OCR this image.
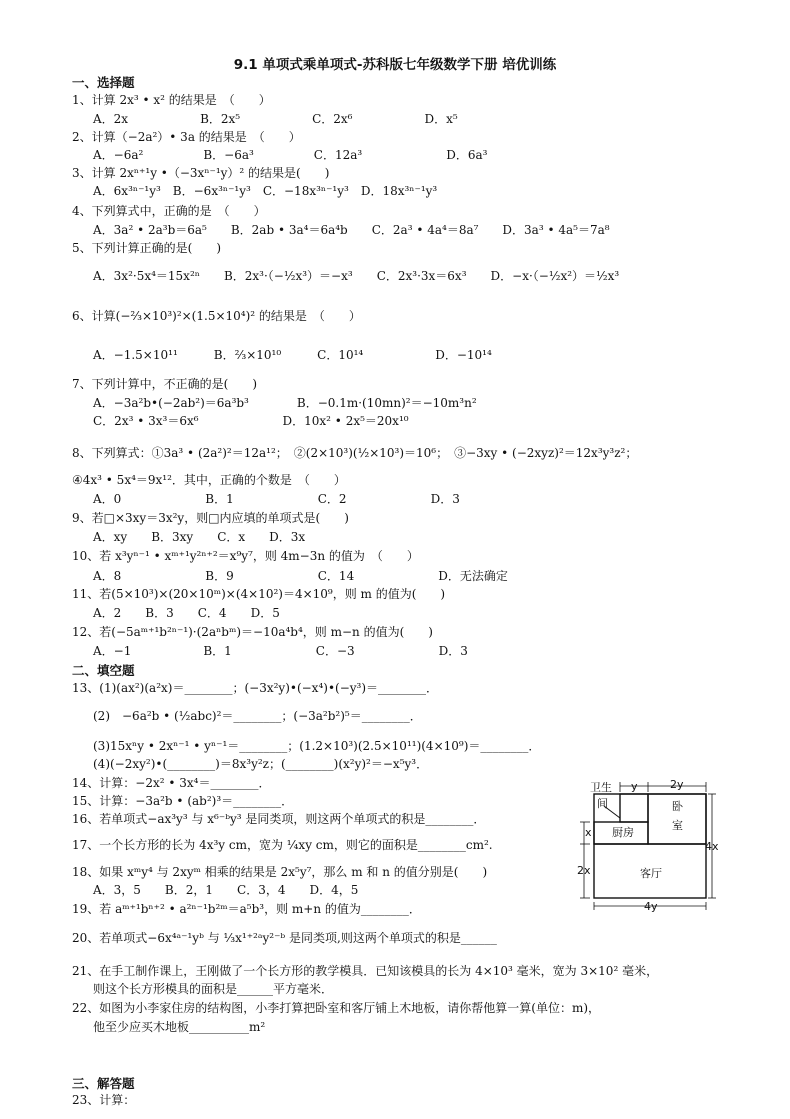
9.1 单项式乘单项式-苏科版七年级数学下册 培优训练
一、选择题
1、计算 2x³ • x² 的结果是　（　　）
A．2x　　　　　　B．2x⁵　　　　　　C．2x⁶　　　　　　D．x⁵
2、计算（−2a²）• 3a 的结果是　（　　）
A．−6a²　　　　　B．−6a³　　　　　C．12a³　　　　　　　D．6a³
3、计算 2xⁿ⁺¹y •（−3xⁿ⁻¹y）² 的结果是(　　)
A．6x³ⁿ⁻¹y³　B．−6x³ⁿ⁻¹y³　C．−18x³ⁿ⁻¹y³　D．18x³ⁿ⁻¹y³
4、下列算式中，正确的是　（　　）
A．3a² • 2a³b＝6a⁵　　B．2ab • 3a⁴＝6a⁴b　　C．2a³ • 4a⁴＝8a⁷　　D．3a³ • 4a⁵＝7a⁸
5、下列计算正确的是(　　)
A．3x²·5x⁴＝15x²ⁿ　　B．2x³·（−½x³）＝−x³　　C．2x³·3x＝6x³　　D．−x·（−½x²）＝½x³
6、计算(−⅔×10³)²×(1.5×10⁴)² 的结果是　（　　）
A．−1.5×10¹¹　　　B．⅔×10¹⁰　　　C．10¹⁴　　　　　　D．−10¹⁴
7、下列计算中，不正确的是(　　)
A．−3a²b•(−2ab²)＝6a³b³　　　　B．−0.1m·(10mn)²＝−10m³n²
C．2x³ • 3x³＝6x⁶　　　　　　　D．10x² • 2x⁵＝20x¹⁰
8、下列算式：①3a³ • (2a²)²＝12a¹²；　②(2×10³)(½×10³)＝10⁶；　③−3xy • (−2xyz)²＝12x³y³z²；
④4x³ • 5x⁴＝9x¹²．其中，正确的个数是　（　　）
A．0　　　　　　　B．1　　　　　　　C．2　　　　　　　D．3
9、若□×3xy＝3x²y，则□内应填的单项式是(　　)
A．xy　　B．3xy　　C．x　　D．3x
10、若 x³yⁿ⁻¹ • xᵐ⁺¹y²ⁿ⁺²＝x⁹y⁷，则 4m−3n 的值为　（　　）
A．8　　　　　　　B．9　　　　　　　C．14　　　　　　　D．无法确定
11、若(5×10³)×(20×10ᵐ)×(4×10²)＝4×10⁹，则 m 的值为(　　)
A．2　　B．3　　C．4　　D．5
12、若(−5aᵐ⁺¹b²ⁿ⁻¹)·(2aⁿbᵐ)＝−10a⁴b⁴，则 m−n 的值为(　　)
A．−1　　　　　　B．1　　　　　　　C．−3　　　　　　　D．3
二、填空题
13、(1)(ax²)(a²x)＝________；(−3x²y)•(−x⁴)•(−y³)＝________．
(2)　−6a²b • (½abc)²＝________；(−3a²b²)⁵＝________．
(3)15xⁿy • 2xⁿ⁻¹ • yⁿ⁻¹＝________；(1.2×10³)(2.5×10¹¹)(4×10⁹)＝________．
(4)(−2xy²)•(________)＝8x³y²z；(________)(x²y)²＝−x⁵y³．
14、计算：−2x² • 3x⁴＝________．
15、计算：−3a²b • (ab²)³＝________．
16、若单项式−ax³y³ 与 x⁶⁻ᵇy³ 是同类项，则这两个单项式的积是________．
17、一个长方形的长为 4x³y cm，宽为 ¼xy cm，则它的面积是________cm².
18、如果 xᵐy⁴ 与 2xyᵐ 相乘的结果是 2x⁵y⁷，那么 m 和 n 的值分别是(　　)
A．3，5　　B．2，1　　C．3，4　　D．4，5
19、若 aᵐ⁺¹bⁿ⁺² • a²ⁿ⁻¹b²ᵐ＝a⁵b³，则 m+n 的值为________．
20、若单项式−6x⁴ᵃ⁻¹yᵇ 与 ⅓x¹⁺²ᵃy²⁻ᵇ 是同类项,则这两个单项式的积是______
21、在手工制作课上，王刚做了一个长方形的教学模具．已知该模具的长为 4×10³ 毫米，宽为 3×10² 毫米，
则这个长方形模具的面积是______平方毫米．
22、如图为小李家住房的结构图，小李打算把卧室和客厅铺上木地板，请你帮他算一算(单位：m)，
他至少应买木地板__________m²
三、解答题
23、计算：
y	2y
x
2x
4x
4y
卫生
间	卧
室
厨房
客厅
